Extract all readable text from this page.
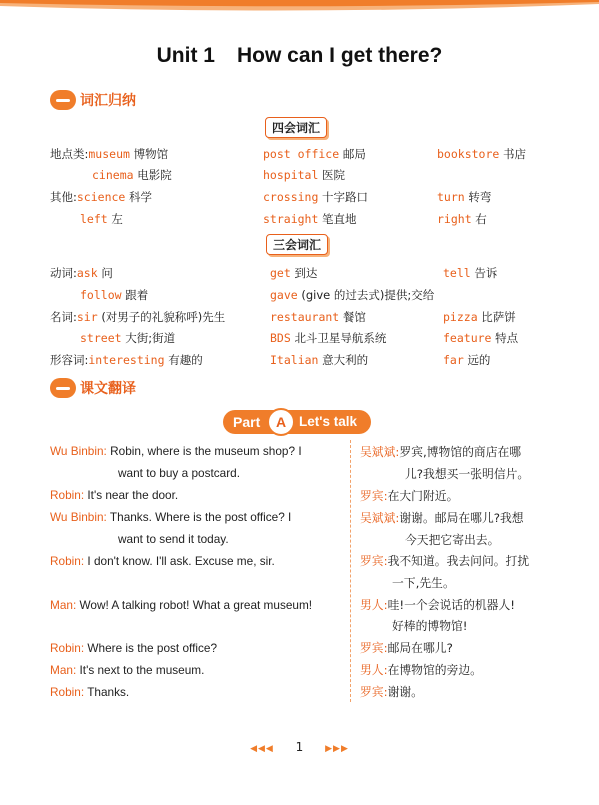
Unit 1 How can I get there?
词汇归纳
四会词汇
地点类:museum 博物馆	post office 邮局	bookstore 书店
cinema 电影院	hospital 医院
其他:science 科学	crossing 十字路口	turn 转弯
left 左	straight 笔直地	right 右
三会词汇
动词:ask 问	get 到达	tell 告诉
follow 跟着	gave (give 的过去式)提供;交给
名词:sir (对男子的礼貌称呼)先生	restaurant 餐馆	pizza 比萨饼
street 大街;街道	BDS 北斗卫星导航系统	feature 特点
形容词:interesting 有趣的	Italian 意大利的	far 远的
课文翻译
Part	A Let's talk
Wu Binbin: Robin, where is the museum shop? I
want to buy a postcard.
Robin: It's near the door.
Wu Binbin: Thanks. Where is the post office? I
want to send it today.
Robin: I don't know. I'll ask. Excuse me, sir.
Man: Wow! A talking robot! What a great museum!
Robin: Where is the post office?
Man: It's next to the museum.
Robin: Thanks.
吴斌斌:罗宾,博物馆的商店在哪
儿?我想买一张明信片。
罗宾:在大门附近。
吴斌斌:谢谢。邮局在哪儿?我想
今天把它寄出去。
罗宾:我不知道。我去问问。打扰
一下,先生。
男人:哇!一个会说话的机器人!
好棒的博物馆!
罗宾:邮局在哪儿?
男人:在博物馆的旁边。
罗宾:谢谢。
◀◀◀ 1 ▶▶▶
